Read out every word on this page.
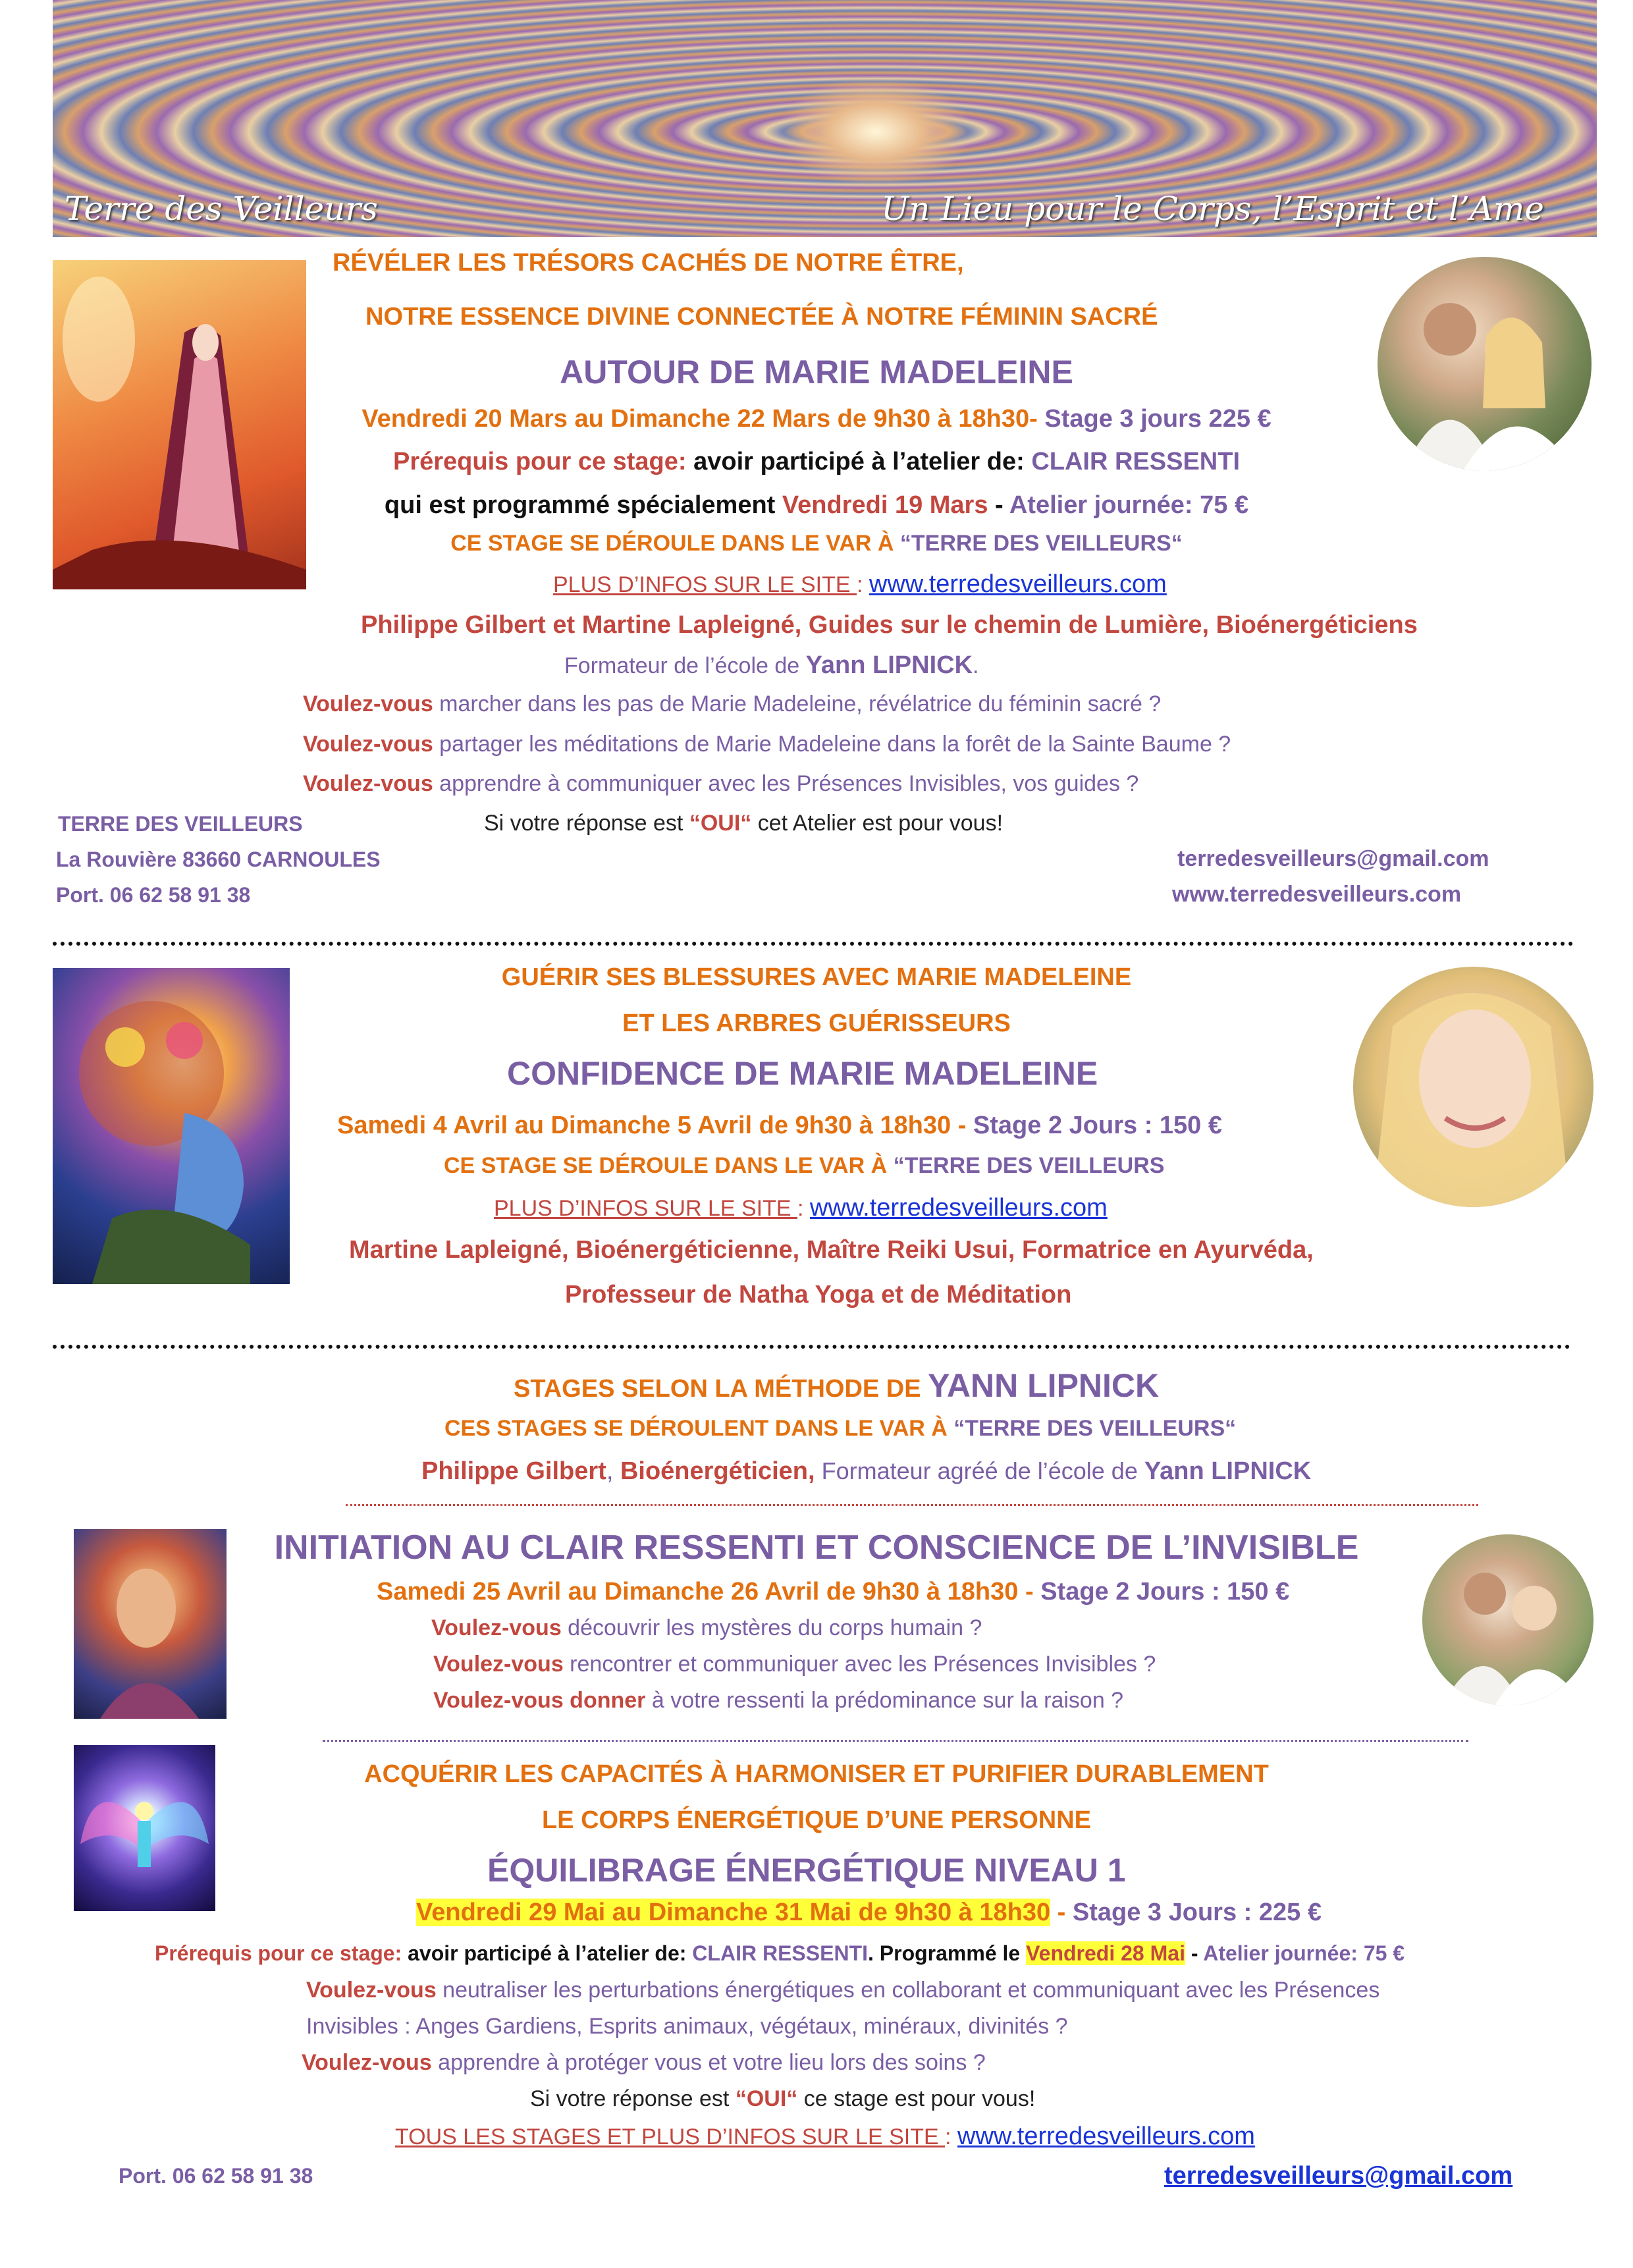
Terre des Veilleurs	Un Lieu pour le Corps, l’Esprit et l’Ame
RÉVÉLER LES TRÉSORS CACHÉS DE NOTRE ÊTRE,
NOTRE ESSENCE DIVINE CONNECTÉE À NOTRE FÉMININ SACRÉ
AUTOUR DE MARIE MADELEINE
Vendredi 20 Mars au Dimanche 22 Mars de 9h30 à 18h30- Stage 3 jours 225 €
Prérequis pour ce stage: avoir participé à l’atelier de: CLAIR RESSENTI
qui est programmé spécialement Vendredi 19 Mars - Atelier journée: 75 €
CE STAGE SE DÉROULE DANS LE VAR À “TERRE DES VEILLEURS“
PLUS D’INFOS SUR LE SITE : www.terredesveilleurs.com
Philippe Gilbert et Martine Lapleigné, Guides sur le chemin de Lumière, Bioénergéticiens
Formateur de l’école de Yann LIPNICK.
Voulez-vous marcher dans les pas de Marie Madeleine, révélatrice du féminin sacré ?
Voulez-vous partager les méditations de Marie Madeleine dans la forêt de la Sainte Baume ?
Voulez-vous apprendre à communiquer avec les Présences Invisibles, vos guides ?
Si votre réponse est “OUI“ cet Atelier est pour vous!
TERRE DES VEILLEURS
La Rouvière 83660 CARNOULES
Port. 06 62 58 91 38
terredesveilleurs@gmail.com
www.terredesveilleurs.com
GUÉRIR SES BLESSURES AVEC MARIE MADELEINE
ET LES ARBRES GUÉRISSEURS
CONFIDENCE DE MARIE MADELEINE
Samedi 4 Avril au Dimanche 5 Avril de 9h30 à 18h30 - Stage 2 Jours : 150 €
CE STAGE SE DÉROULE DANS LE VAR À “TERRE DES VEILLEURS
PLUS D’INFOS SUR LE SITE : www.terredesveilleurs.com
Martine Lapleigné, Bioénergéticienne, Maître Reiki Usui, Formatrice en Ayurvéda,
Professeur de Natha Yoga et de Méditation
STAGES SELON LA MÉTHODE DE YANN LIPNICK
CES STAGES SE DÉROULENT DANS LE VAR À “TERRE DES VEILLEURS“
Philippe Gilbert, Bioénergéticien, Formateur agréé de l’école de Yann LIPNICK
INITIATION AU CLAIR RESSENTI ET CONSCIENCE DE L’INVISIBLE
Samedi 25 Avril au Dimanche 26 Avril de 9h30 à 18h30 - Stage 2 Jours : 150 €
Voulez-vous découvrir les mystères du corps humain ?
Voulez-vous rencontrer et communiquer avec les Présences Invisibles ?
Voulez-vous donner à votre ressenti la prédominance sur la raison ?
ACQUÉRIR LES CAPACITÉS À HARMONISER ET PURIFIER DURABLEMENT
LE CORPS ÉNERGÉTIQUE D’UNE PERSONNE
ÉQUILIBRAGE ÉNERGÉTIQUE NIVEAU 1
Vendredi 29 Mai au Dimanche 31 Mai de 9h30 à 18h30 - Stage 3 Jours : 225 €
Prérequis pour ce stage: avoir participé à l’atelier de: CLAIR RESSENTI. Programmé le Vendredi 28 Mai - Atelier journée: 75 €
Voulez-vous neutraliser les perturbations énergétiques en collaborant et communiquant avec les Présences
Invisibles : Anges Gardiens, Esprits animaux, végétaux, minéraux, divinités ?
Voulez-vous apprendre à protéger vous et votre lieu lors des soins ?
Si votre réponse est “OUI“ ce stage est pour vous!
TOUS LES STAGES ET PLUS D’INFOS SUR LE SITE : www.terredesveilleurs.com
Port. 06 62 58 91 38	terredesveilleurs@gmail.com
